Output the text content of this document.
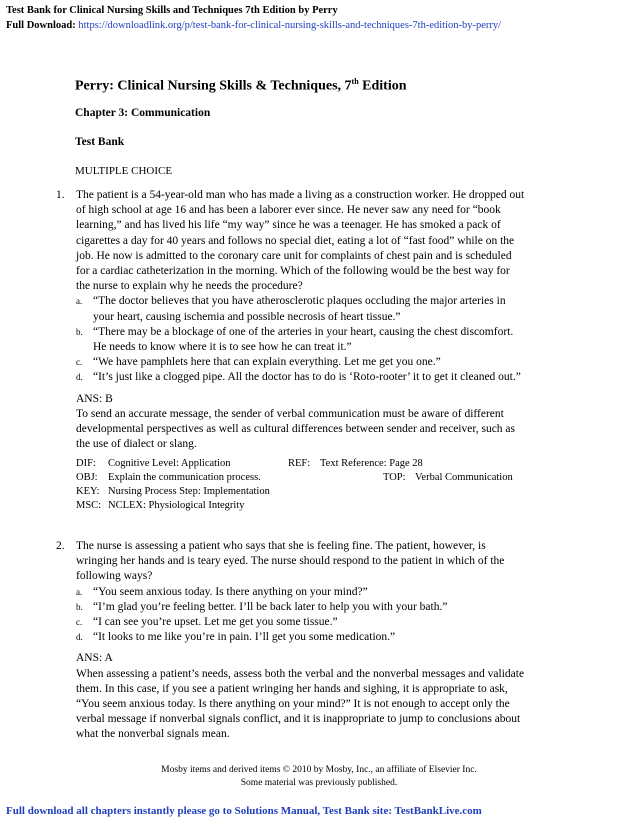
Test Bank for Clinical Nursing Skills and Techniques 7th Edition by Perry
Full Download: https://downloadlink.org/p/test-bank-for-clinical-nursing-skills-and-techniques-7th-edition-by-perry/
Perry: Clinical Nursing Skills & Techniques, 7th Edition
Chapter 3: Communication
Test Bank
MULTIPLE CHOICE
1. The patient is a 54-year-old man who has made a living as a construction worker. He dropped out of high school at age 16 and has been a laborer ever since. He never saw any need for “book learning,” and has lived his life “my way” since he was a teenager. He has smoked a pack of cigarettes a day for 40 years and follows no special diet, eating a lot of “fast food” while on the job. He now is admitted to the coronary care unit for complaints of chest pain and is scheduled for a cardiac catheterization in the morning. Which of the following would be the best way for the nurse to explain why he needs the procedure?
a. “The doctor believes that you have atherosclerotic plaques occluding the major arteries in your heart, causing ischemia and possible necrosis of heart tissue.”
b. “There may be a blockage of one of the arteries in your heart, causing the chest discomfort. He needs to know where it is to see how he can treat it.”
c. “We have pamphlets here that can explain everything. Let me get you one.”
d. “It’s just like a clogged pipe. All the doctor has to do is ‘Roto-rooter’ it to get it cleaned out.”
ANS: B
To send an accurate message, the sender of verbal communication must be aware of different developmental perspectives as well as cultural differences between sender and receiver, such as the use of dialect or slang.
DIF: Cognitive Level: Application	REF: Text Reference: Page 28
OBJ: Explain the communication process.	TOP: Verbal Communication
KEY: Nursing Process Step: Implementation
MSC: NCLEX: Physiological Integrity
2. The nurse is assessing a patient who says that she is feeling fine. The patient, however, is wringing her hands and is teary eyed. The nurse should respond to the patient in which of the following ways?
a. “You seem anxious today. Is there anything on your mind?”
b. “I’m glad you’re feeling better. I’ll be back later to help you with your bath.”
c. “I can see you’re upset. Let me get you some tissue.”
d. “It looks to me like you’re in pain. I’ll get you some medication.”
ANS: A
When assessing a patient’s needs, assess both the verbal and the nonverbal messages and validate them. In this case, if you see a patient wringing her hands and sighing, it is appropriate to ask, “You seem anxious today. Is there anything on your mind?” It is not enough to accept only the verbal message if nonverbal signals conflict, and it is inappropriate to jump to conclusions about what the nonverbal signals mean.
Mosby items and derived items © 2010 by Mosby, Inc., an affiliate of Elsevier Inc.
Some material was previously published.
Full download all chapters instantly please go to Solutions Manual, Test Bank site: TestBankLive.com
